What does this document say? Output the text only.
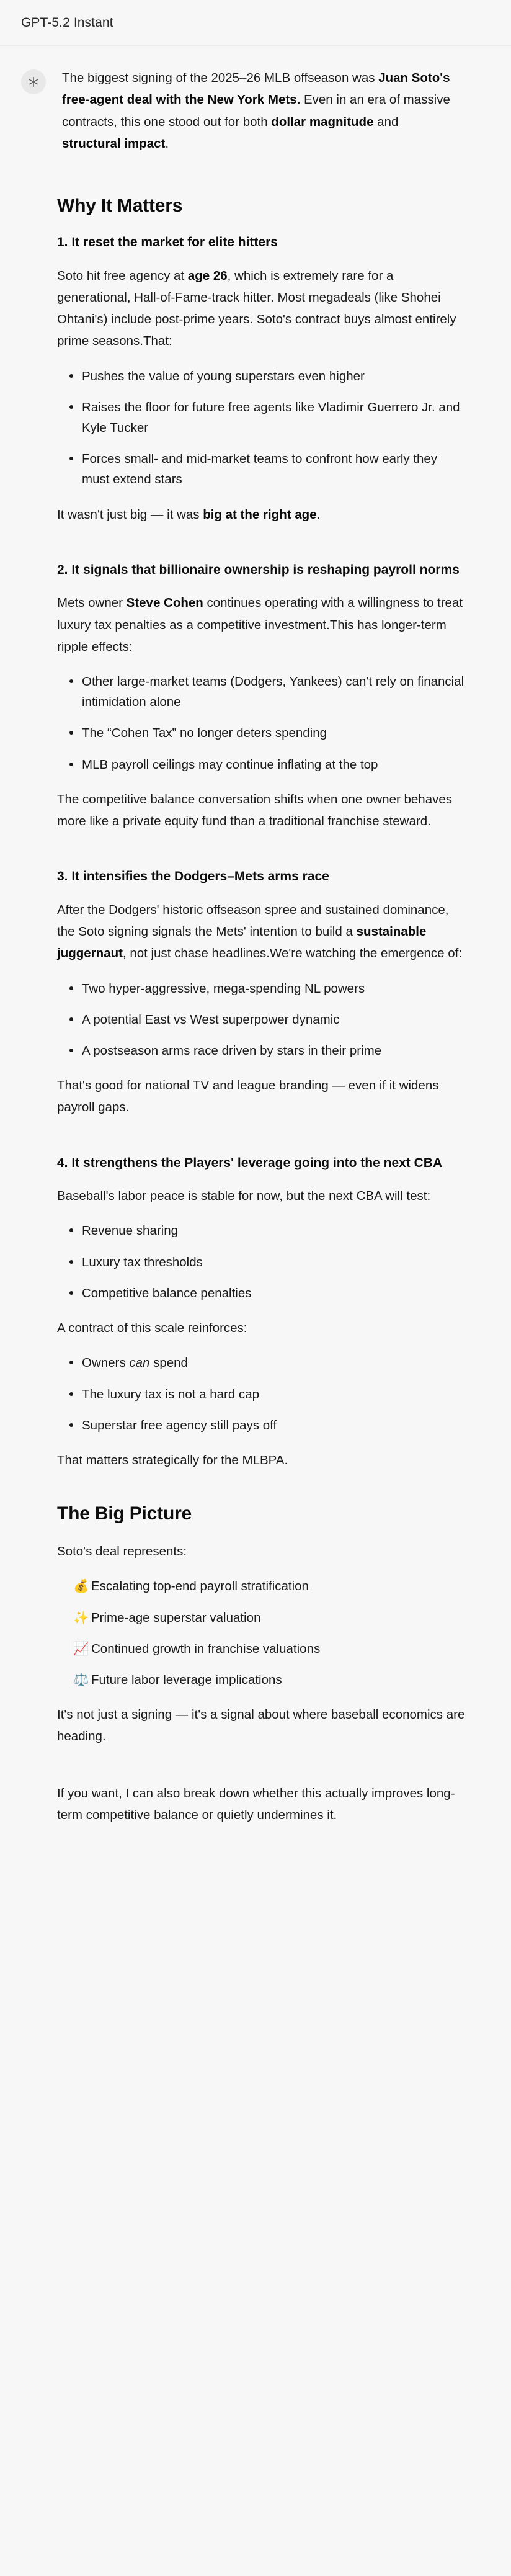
GPT-5.2 Instant

The biggest signing of the 2025–26 MLB offseason was Juan Soto's free-agent deal with the New York Mets. Even in an era of massive contracts, this one stood out for both dollar magnitude and structural impact.

Why It Matters
1. It reset the market for elite hitters

Soto hit free agency at age 26, which is extremely rare for a generational, Hall-of-Fame-track hitter. Most megadeals (like Shohei Ohtani's) include post-prime years. Soto's contract buys almost entirely prime seasons.That:

Pushes the value of young superstars even higher
Raises the floor for future free agents like Vladimir Guerrero Jr. and Kyle Tucker
Forces small- and mid-market teams to confront how early they must extend stars

It wasn't just big — it was big at the right age.

2. It signals that billionaire ownership is reshaping payroll norms

Mets owner Steve Cohen continues operating with a willingness to treat luxury tax penalties as a competitive investment.This has longer-term ripple effects:

Other large-market teams (Dodgers, Yankees) can't rely on financial intimidation alone
The “Cohen Tax” no longer deters spending
MLB payroll ceilings may continue inflating at the top

The competitive balance conversation shifts when one owner behaves more like a private equity fund than a traditional franchise steward.

3. It intensifies the Dodgers–Mets arms race

After the Dodgers' historic offseason spree and sustained dominance, the Soto signing signals the Mets' intention to build a sustainable juggernaut, not just chase headlines.We're watching the emergence of:

Two hyper-aggressive, mega-spending NL powers
A potential East vs West superpower dynamic
A postseason arms race driven by stars in their prime

That's good for national TV and league branding — even if it widens payroll gaps.

4. It strengthens the Players' leverage going into the next CBA

Baseball's labor peace is stable for now, but the next CBA will test:

Revenue sharing
Luxury tax thresholds
Competitive balance penalties

A contract of this scale reinforces:

Owners can spend
The luxury tax is not a hard cap
Superstar free agency still pays off

That matters strategically for the MLBPA.

The Big Picture

Soto's deal represents:

💰 Escalating top-end payroll stratification
✨ Prime-age superstar valuation
📈 Continued growth in franchise valuations
⚖️ Future labor leverage implications

It's not just a signing — it's a signal about where baseball economics are heading.

If you want, I can also break down whether this actually improves long-term competitive balance or quietly undermines it.
